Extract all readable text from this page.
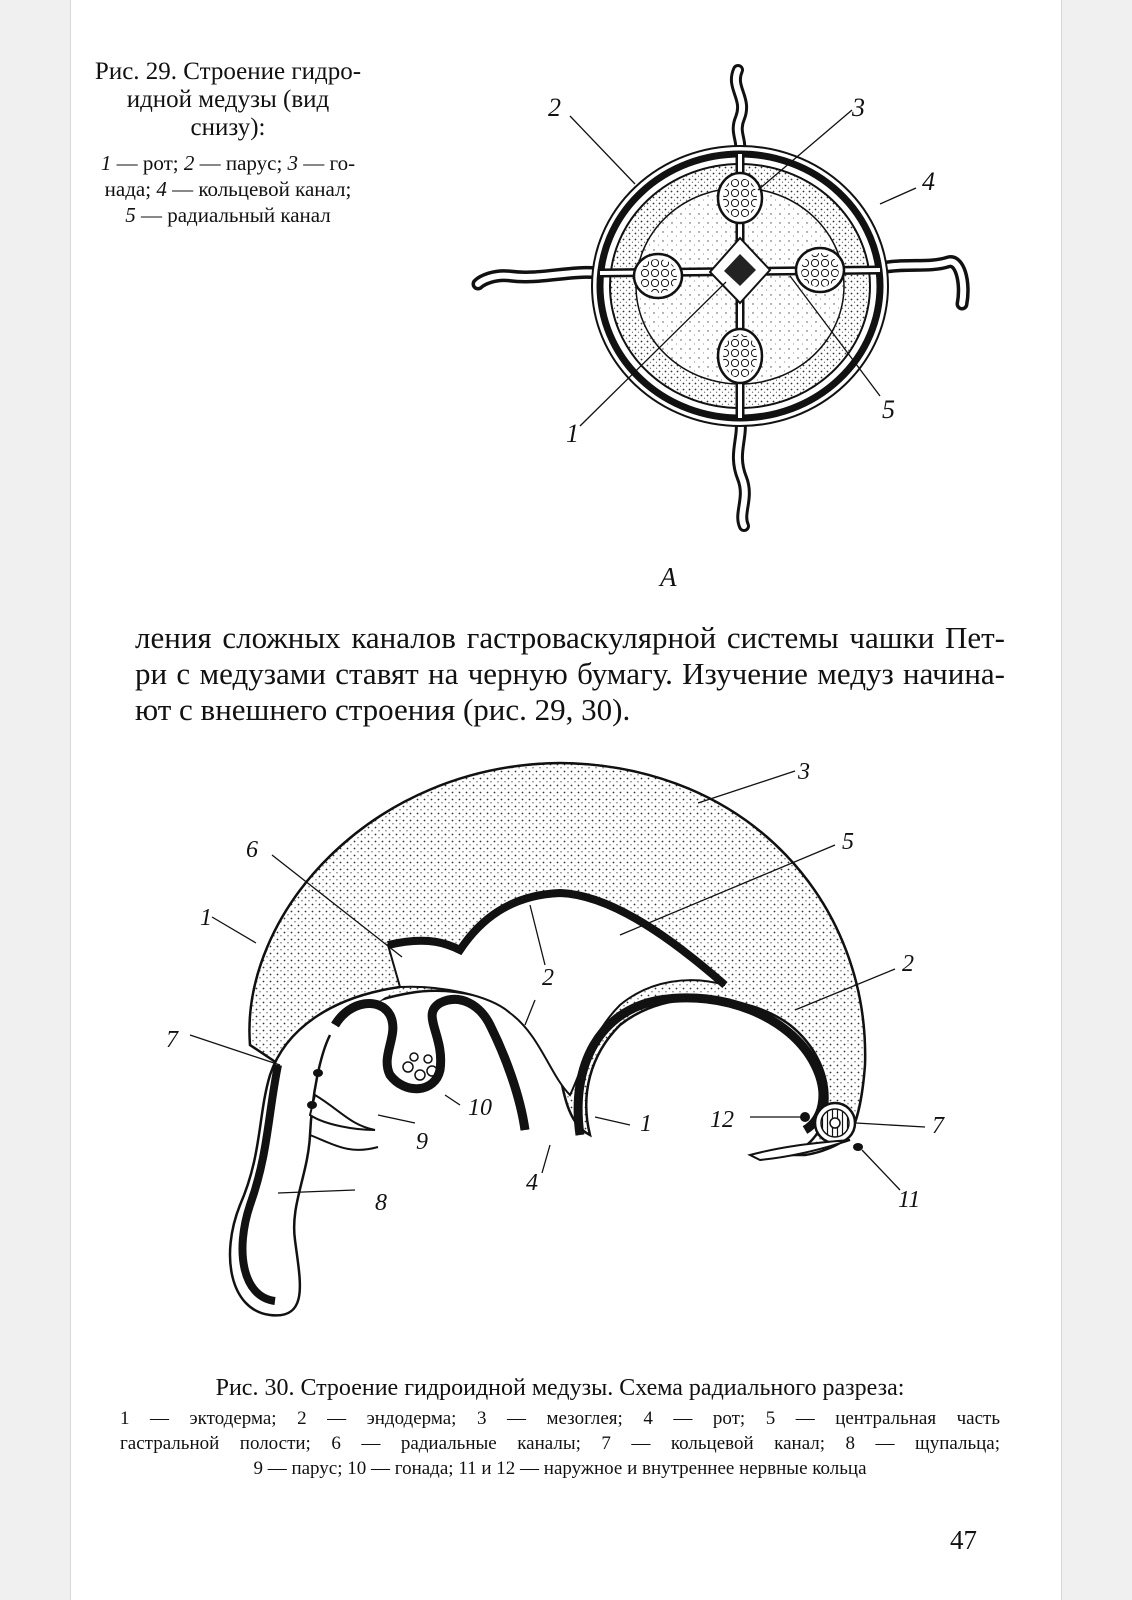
Рис. 29. Строение гидро-
идной медузы (вид
снизу):
1 — рот; 2 — парус; 3 — го-
нада; 4 — кольцевой канал;
5 — радиальный канал
2	3
4
5
1
А
ления сложных каналов гастроваскулярной системы чашки Пет-
ри с медузами ставят на черную бумагу. Изучение медуз начина-
ют с внешнего строения (рис. 29, 30).
3
5
6
1
2
2
7
10
9
8
4
1 12	7
11
Рис. 30. Строение гидроидной медузы. Схема радиального разреза:
1 — эктодерма; 2 — эндодерма; 3 — мезоглея; 4 — рот; 5 — центральная часть
гастральной полости; 6 — радиальные каналы; 7 — кольцевой канал; 8 — щупальца;
9 — парус; 10 — гонада; 11 и 12 — наружное и внутреннее нервные кольца
47
